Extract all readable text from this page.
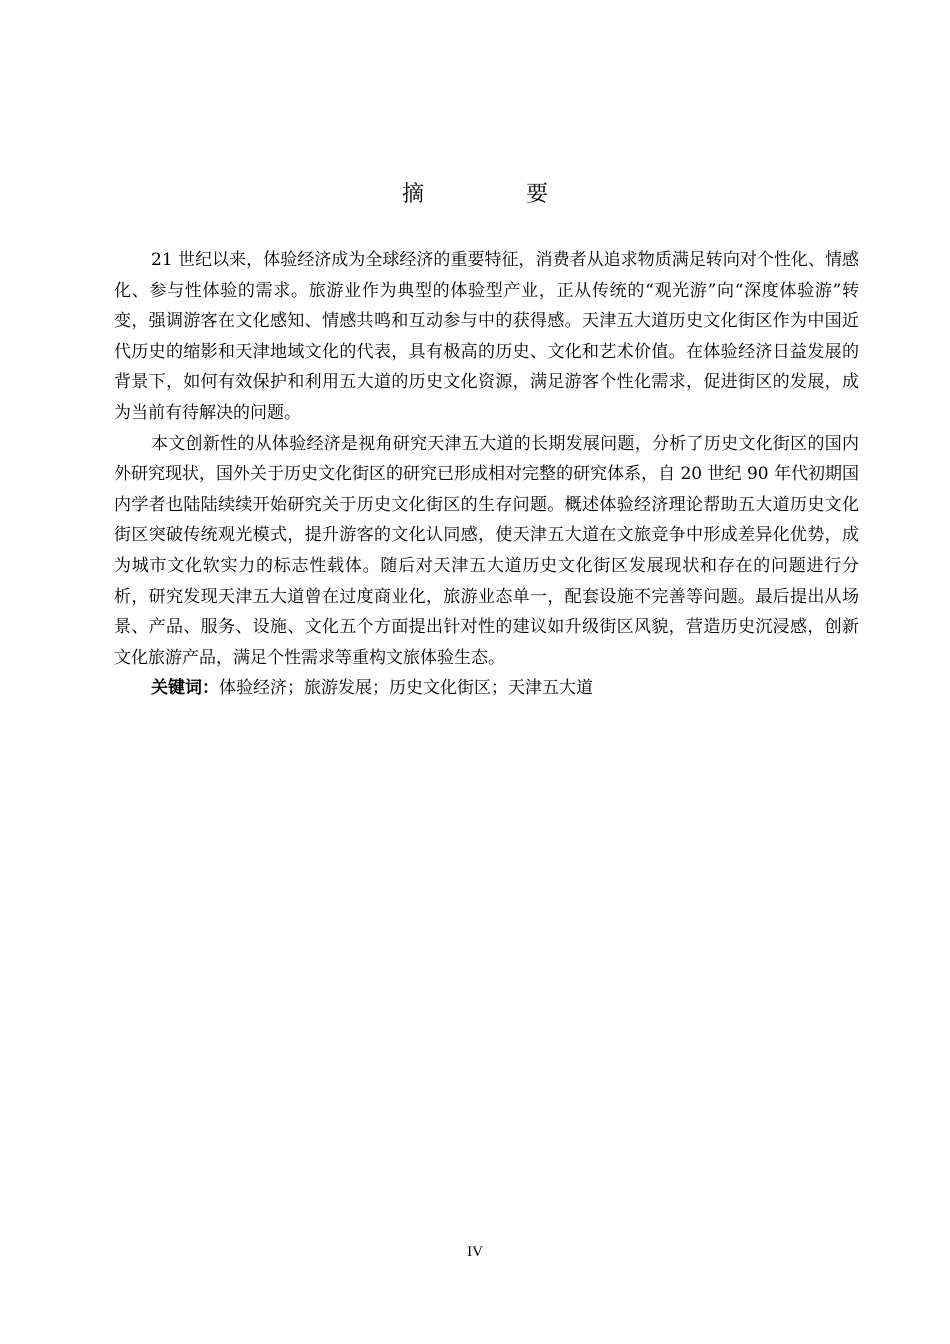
摘　要

21 世纪以来，体验经济成为全球经济的重要特征，消费者从追求物质满足转向对个性化、情感化、参与性体验的需求。旅游业作为典型的体验型产业，正从传统的“观光游”向“深度体验游”转变，强调游客在文化感知、情感共鸣和互动参与中的获得感。天津五大道历史文化街区作为中国近代历史的缩影和天津地域文化的代表，具有极高的历史、文化和艺术价值。在体验经济日益发展的背景下，如何有效保护和利用五大道的历史文化资源，满足游客个性化需求，促进街区的发展，成为当前有待解决的问题。

本文创新性的从体验经济是视角研究天津五大道的长期发展问题，分析了历史文化街区的国内外研究现状，国外关于历史文化街区的研究已形成相对完整的研究体系，自 20 世纪 90 年代初期国内学者也陆陆续续开始研究关于历史文化街区的生存问题。概述体验经济理论帮助五大道历史文化街区突破传统观光模式，提升游客的文化认同感，使天津五大道在文旅竞争中形成差异化优势，成为城市文化软实力的标志性载体。随后对天津五大道历史文化街区发展现状和存在的问题进行分析，研究发现天津五大道曾在过度商业化，旅游业态单一，配套设施不完善等问题。最后提出从场景、产品、服务、设施、文化五个方面提出针对性的建议如升级街区风貌，营造历史沉浸感，创新文化旅游产品，满足个性需求等重构文旅体验生态。

关键词：体验经济；旅游发展；历史文化街区；天津五大道

IV
